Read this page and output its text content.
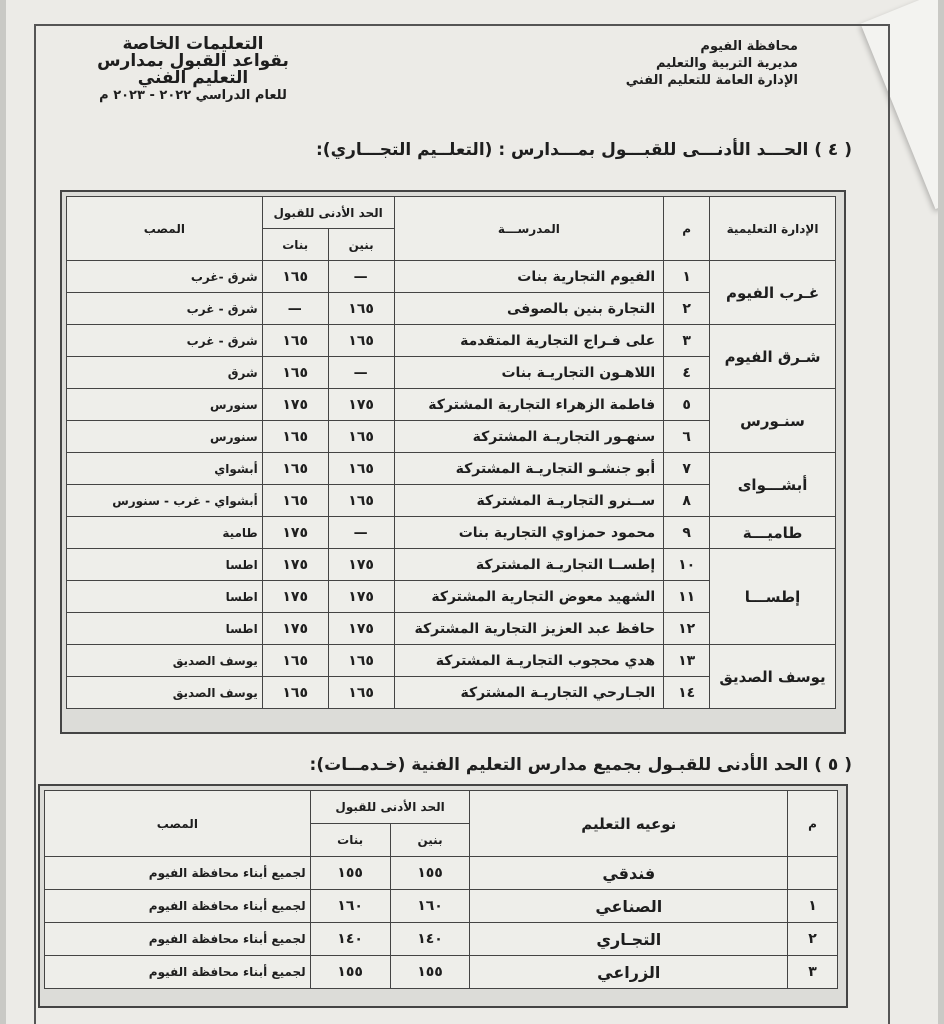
التعليمات الخاصة
بقواعد القبول بمدارس التعليم الفني
للعام الدراسي ٢٠٢٢ - ٢٠٢٣ م
محافظة الفيوم
مديرية التربية والتعليم
الإدارة العامة للتعليم الفني
( ٤ ) الحـــد الأدنـــى للقبـــول بمـــدارس : (التعلــيم التجـــاري):
الإدارة التعليمية	م	المدرســـة	الحد الأدنى للقبول		المصب
			بنين	بنات	
غـرب الفيوم	١	الفيوم التجارية بنات	—	١٦٥	شرق -غرب
	٢	التجارة بنين بالصوفى	١٦٥	—	شرق - غرب
شـرق الفيوم	٣	على فـراج التجارية المتقدمة	١٦٥	١٦٥	شرق - غرب
	٤	اللاهـون التجاريـة بنات	—	١٦٥	شرق
سنـورس	٥	فاطمة الزهراء التجارية المشتركة	١٧٥	١٧٥	سنورس
	٦	سنهـور التجاريـة المشتركة	١٦٥	١٦٥	سنورس
أبشـــواى	٧	أبو جنشـو التجاريـة المشتركة	١٦٥	١٦٥	أبشواي
	٨	ســنرو التجاريـة المشتركة	١٦٥	١٦٥	أبشواي - غرب - سنورس
طاميـــة	٩	محمود حمزاوي التجارية بنات	—	١٧٥	طامية
إطســـا	١٠	إطســا التجاريـة المشتركة	١٧٥	١٧٥	اطسا
	١١	الشهيد معوض التجارية المشتركة	١٧٥	١٧٥	اطسا
	١٢	حافظ عبد العزيز التجارية المشتركة	١٧٥	١٧٥	اطسا
يوسف الصديق	١٣	هدي محجوب التجاريـة المشتركة	١٦٥	١٦٥	يوسف الصديق
	١٤	الجـارحي التجاريـة المشتركة	١٦٥	١٦٥	يوسف الصديق
( ٥ ) الحد الأدنى للقبـول بجميع مدارس التعليم الفنية (خـدمــات):
م	نوعيه التعليم	الحد الأدنى للقبول		المصب
		بنين	بنات	
	فندقي	١٥٥	١٥٥	لجميع أبناء محافظة الفيوم
١	الصناعي	١٦٠	١٦٠	لجميع أبناء محافظة الفيوم
٢	التجـاري	١٤٠	١٤٠	لجميع أبناء محافظة الفيوم
٣	الزراعي	١٥٥	١٥٥	لجميع أبناء محافظة الفيوم
